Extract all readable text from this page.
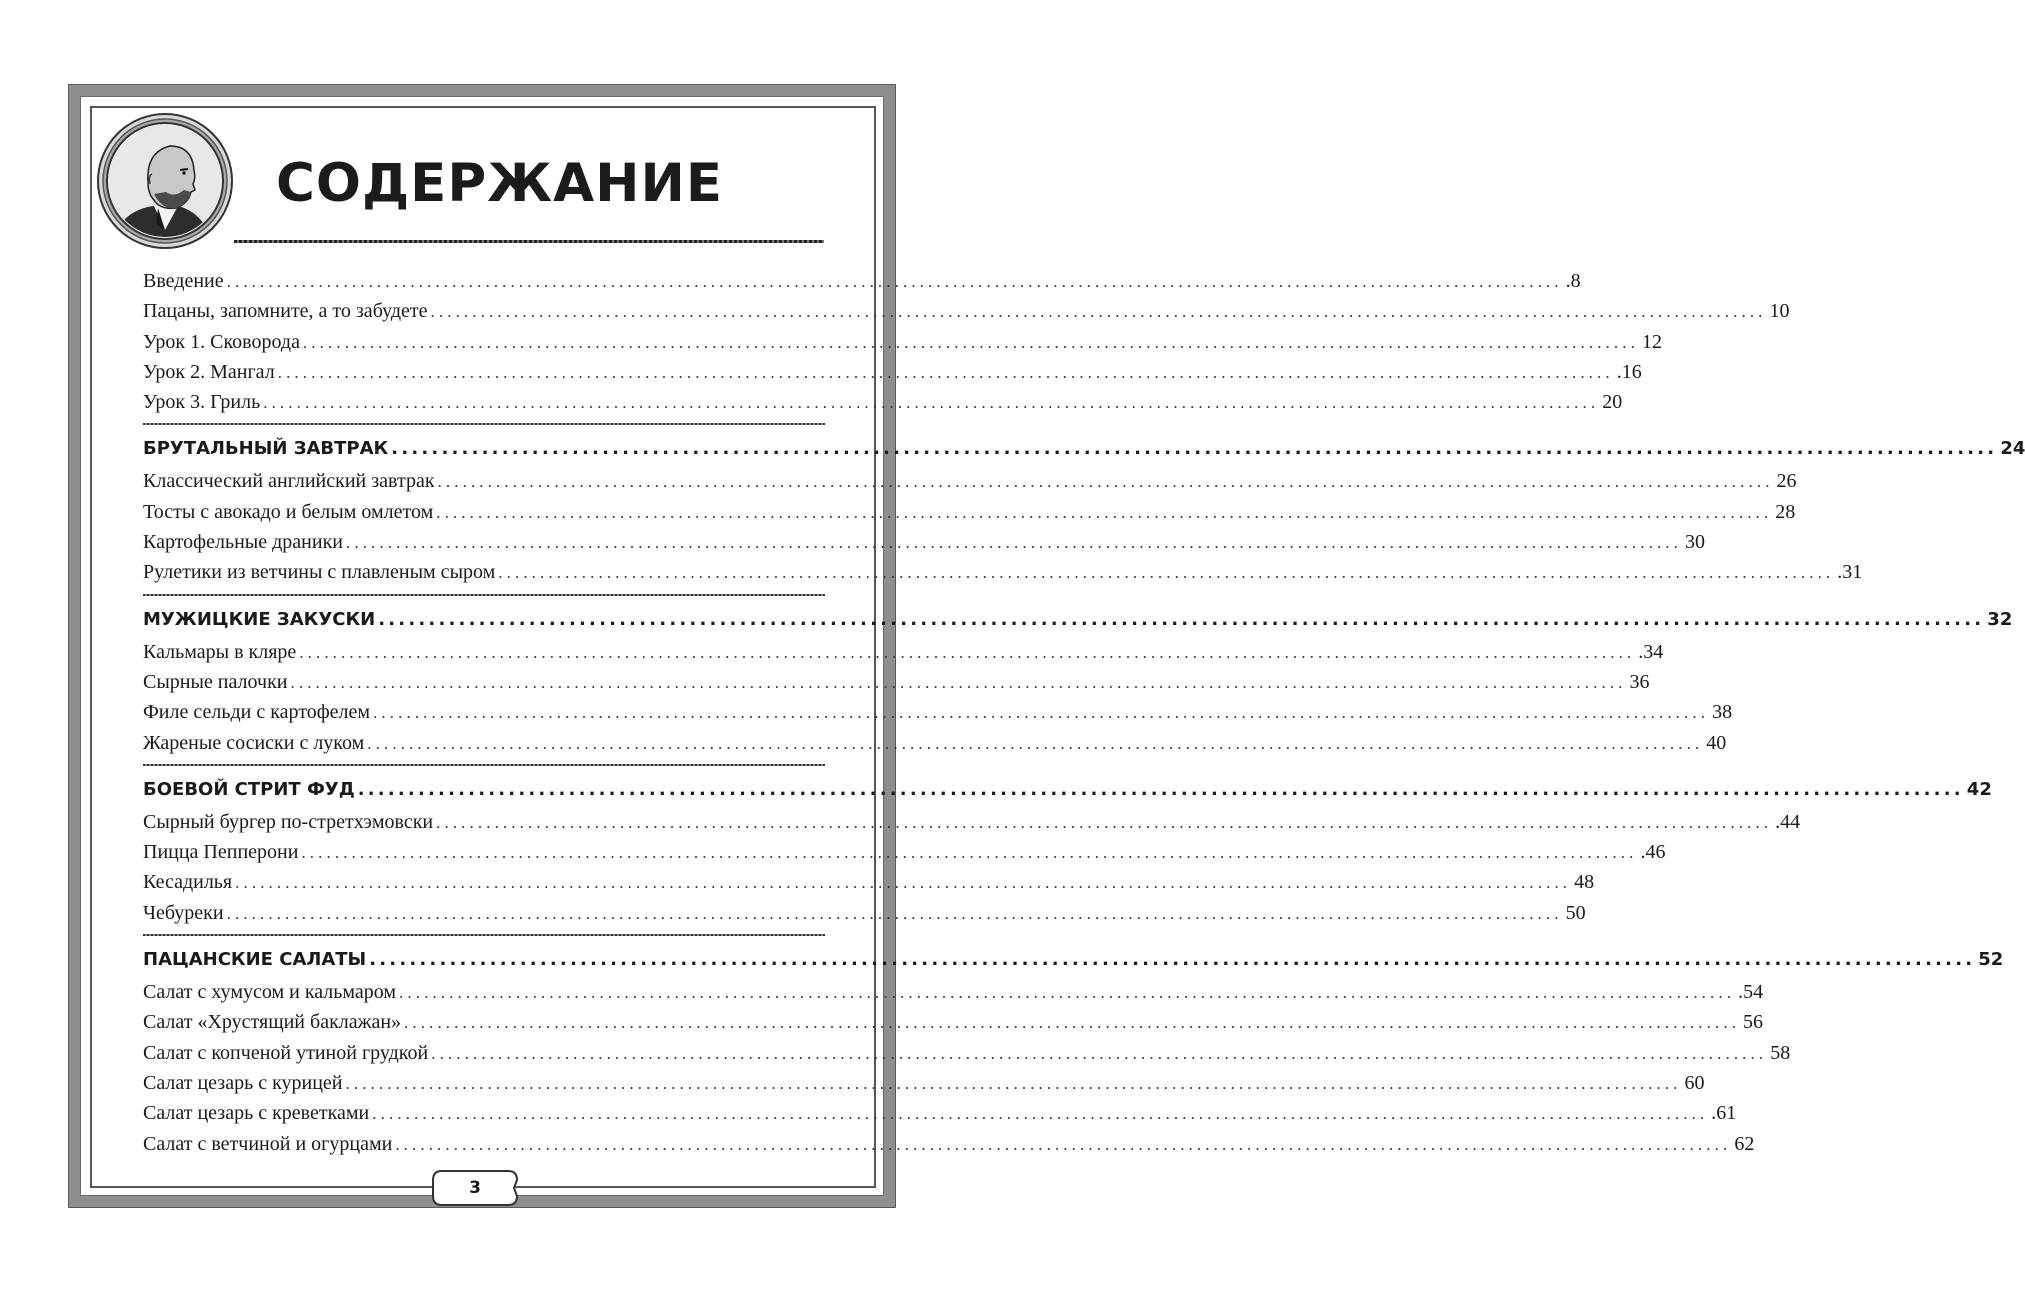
СОДЕРЖАНИЕ
Введение ................................................................................................................................................................ .8
Пацаны, запомните, а то забудете ................................................................................................................................................................ 10
Урок 1. Сковорода ................................................................................................................................................................ 12
Урок 2. Мангал ................................................................................................................................................................ .16
Урок 3. Гриль ................................................................................................................................................................ 20
БРУТАЛЬНЫЙ ЗАВТРАК ................................................................................................................................................................ 24
Классический английский завтрак ................................................................................................................................................................ 26
Тосты с авокадо и белым омлетом ................................................................................................................................................................ 28
Картофельные драники ................................................................................................................................................................ 30
Рулетики из ветчины с плавленым сыром ................................................................................................................................................................ .31
МУЖИЦКИЕ ЗАКУСКИ ................................................................................................................................................................ 32
Кальмары в кляре ................................................................................................................................................................ .34
Сырные палочки ................................................................................................................................................................ 36
Филе сельди с картофелем ................................................................................................................................................................ 38
Жареные сосиски с луком ................................................................................................................................................................ 40
БОЕВОЙ СТРИТ ФУД ................................................................................................................................................................ 42
Сырный бургер по-стретхэмовски ................................................................................................................................................................ .44
Пицца Пепперони ................................................................................................................................................................ .46
Кесадилья ................................................................................................................................................................ 48
Чебуреки ................................................................................................................................................................ 50
ПАЦАНСКИЕ САЛАТЫ ................................................................................................................................................................ 52
Салат с хумусом и кальмаром ................................................................................................................................................................ .54
Салат «Хрустящий баклажан» ................................................................................................................................................................ 56
Салат с копченой утиной грудкой ................................................................................................................................................................ 58
Салат цезарь с курицей ................................................................................................................................................................ 60
Салат цезарь с креветками ................................................................................................................................................................ .61
Салат с ветчиной и огурцами ................................................................................................................................................................ 62
3
